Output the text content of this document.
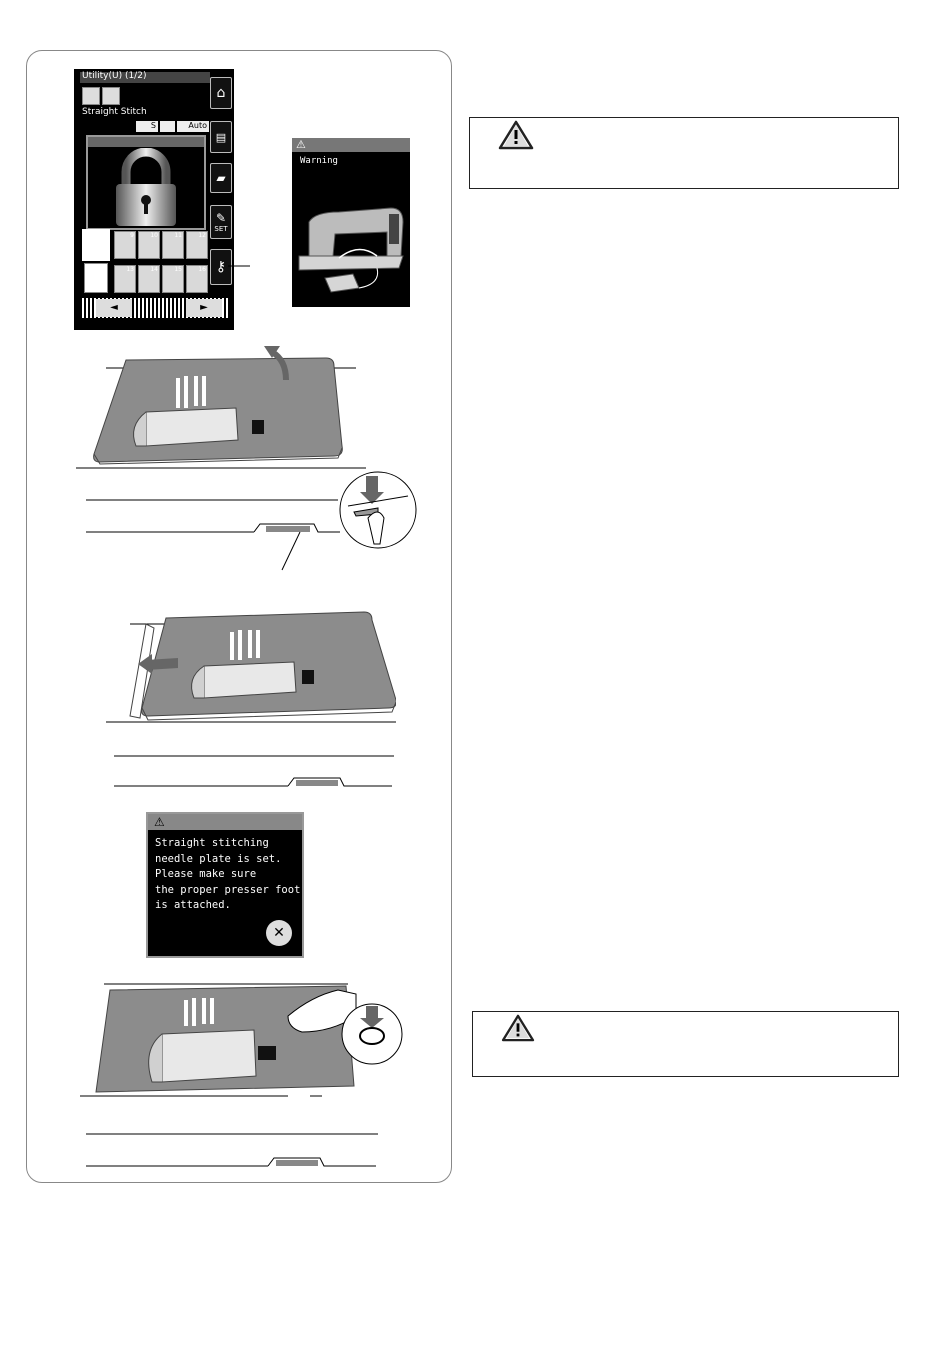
Utility(U) (1/2)
Straight Stitch
S	Auto
9	10	11	12
13	14	15	16
◄	►
⌂
▤
▰
✎
SET
⚷
⚠
Warning
⚠
Straight stitching
needle plate is set.
Please make sure
the proper presser foot
is attached.
✕
